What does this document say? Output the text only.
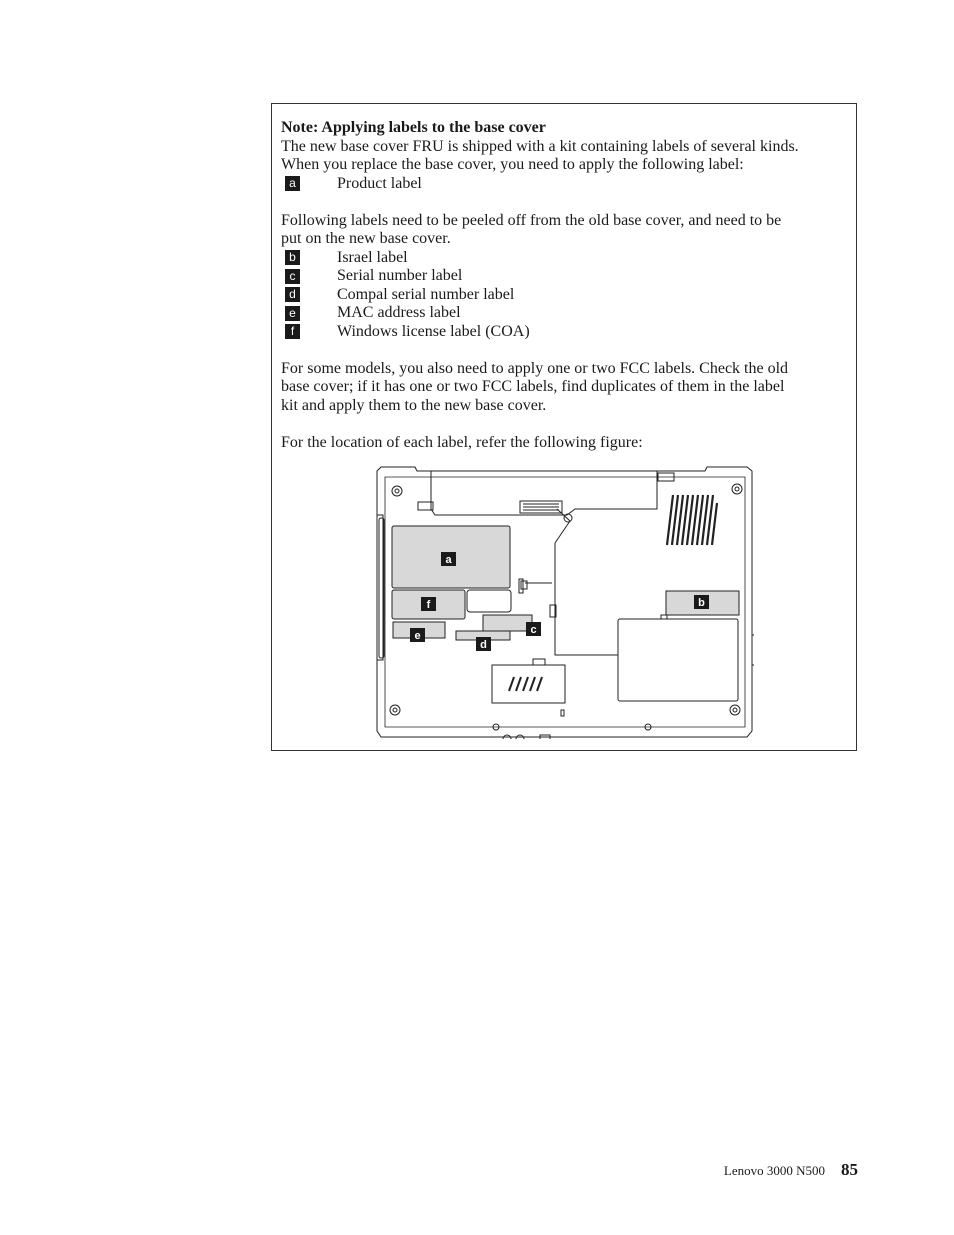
Note: Applying labels to the base cover

The new base cover FRU is shipped with a kit containing labels of several kinds.

When you replace the base cover, you need to apply the following label:

a	Product label

Following labels need to be peeled off from the old base cover, and need to be

put on the new base cover.

b	Israel label
c	Serial number label
d	Compal serial number label
e	MAC address label
f	Windows license label (COA)

For some models, you also need to apply one or two FCC labels. Check the old

base cover; if it has one or two FCC labels, find duplicates of them in the label

kit and apply them to the new base cover.

For the location of each label, refer the following figure:

a
b
c
d
e
f
Lenovo 3000 N500 85
